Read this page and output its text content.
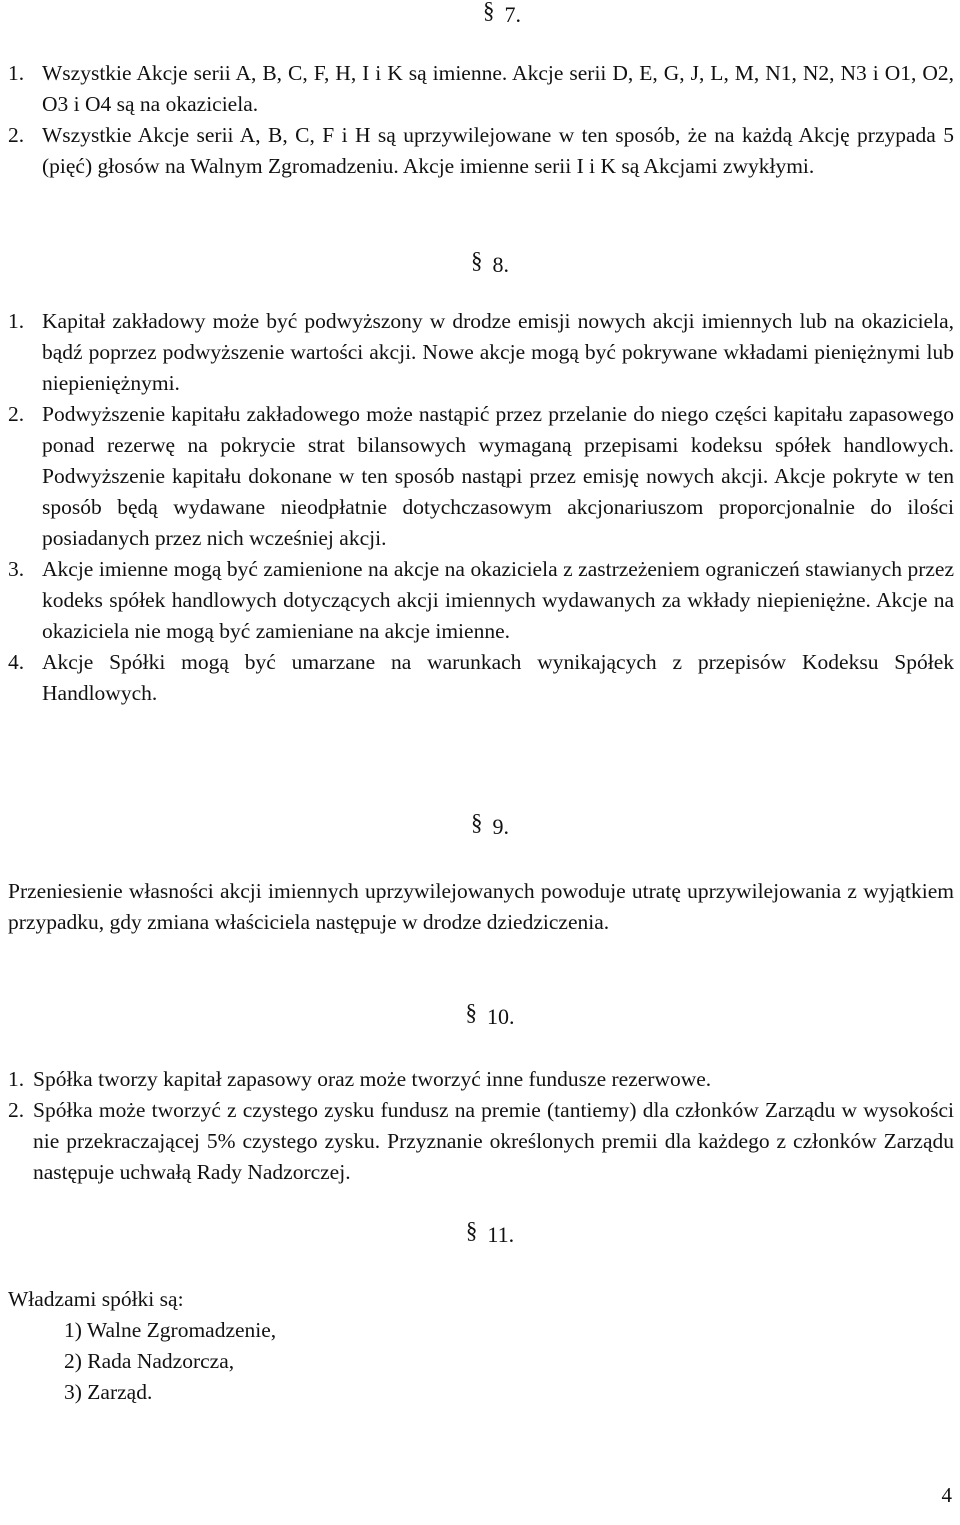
§ 7.
1. Wszystkie Akcje serii A, B, C, F, H, I i K są imienne. Akcje serii D, E, G, J, L, M, N1, N2, N3 i O1, O2, O3 i O4 są na okaziciela.
2. Wszystkie Akcje serii A, B, C, F i H są uprzywilejowane w ten sposób, że na każdą Akcję przypada 5 (pięć) głosów na Walnym Zgromadzeniu. Akcje imienne serii I i K są Akcjami zwykłymi.
§ 8.
1. Kapitał zakładowy może być podwyższony w drodze emisji nowych akcji imiennych lub na okaziciela, bądź poprzez podwyższenie wartości akcji. Nowe akcje mogą być pokrywane wkładami pieniężnymi lub niepieniężnymi.
2. Podwyższenie kapitału zakładowego może nastąpić przez przelanie do niego części kapitału zapasowego ponad rezerwę na pokrycie strat bilansowych wymaganą przepisami kodeksu spółek handlowych. Podwyższenie kapitału dokonane w ten sposób nastąpi przez emisję nowych akcji. Akcje pokryte w ten sposób będą wydawane nieodpłatnie dotychczasowym akcjonariuszom proporcjonalnie do ilości posiadanych przez nich wcześniej akcji.
3. Akcje imienne mogą być zamienione na akcje na okaziciela z zastrzeżeniem ograniczeń stawianych przez kodeks spółek handlowych dotyczących akcji imiennych wydawanych za wkłady niepieniężne. Akcje na okaziciela nie mogą być zamieniane na akcje imienne.
4. Akcje Spółki mogą być umarzane na warunkach wynikających z przepisów Kodeksu Spółek Handlowych.
§ 9.
Przeniesienie własności akcji imiennych uprzywilejowanych powoduje utratę uprzywilejowania z wyjątkiem przypadku, gdy zmiana właściciela następuje w drodze dziedziczenia.
§ 10.
1. Spółka tworzy kapitał zapasowy oraz może tworzyć inne fundusze rezerwowe.
2. Spółka może tworzyć z czystego zysku fundusz na premie (tantiemy) dla członków Zarządu w wysokości nie przekraczającej 5% czystego zysku. Przyznanie określonych premii dla każdego z członków Zarządu następuje uchwałą Rady Nadzorczej.
§ 11.
Władzami spółki są:
1) Walne Zgromadzenie,
2) Rada Nadzorcza,
3) Zarząd.
4
